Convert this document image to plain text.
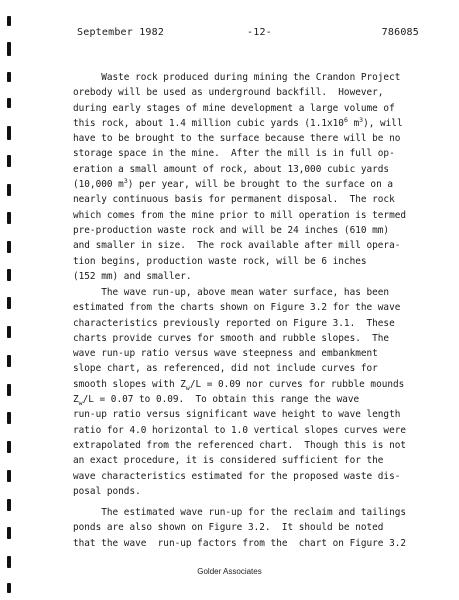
September 1982	-12-	786085
Waste rock produced during mining the Crandon Project
orebody will be used as underground backfill.  However,
during early stages of mine development a large volume of
this rock, about 1.4 million cubic yards ($1.1x10^6$ $m^3$), will
have to be brought to the surface because there will be no
storage space in the mine.  After the mill is in full op-
eration a small amount of rock, about 13,000 cubic yards
(10,000 $m^3$) per year, will be brought to the surface on a
nearly continuous basis for permanent disposal.  The rock
which comes from the mine prior to mill operation is termed
pre-production waste rock and will be 24 inches (610 mm)
and smaller in size.  The rock available after mill opera-
tion begins, production waste rock, will be 6 inches
(152 mm) and smaller.
The wave run-up, above mean water surface, has been
estimated from the charts shown on Figure 3.2 for the wave
characteristics previously reported on Figure 3.1.  These
charts provide curves for smooth and rubble slopes.  The
wave run-up ratio versus wave steepness and embankment
slope chart, as referenced, did not include curves for
smooth slopes with $Z_w/L = 0.09$ nor curves for rubble mounds
$Z_w/L = 0.07$ to 0.09.  To obtain this range the wave
run-up ratio versus significant wave height to wave length
ratio for 4.0 horizontal to 1.0 vertical slopes curves were
extrapolated from the referenced chart.  Though this is not
an exact procedure, it is considered sufficient for the
wave characteristics estimated for the proposed waste dis-
posal ponds.
The estimated wave run-up for the reclaim and tailings
ponds are also shown on Figure 3.2.  It should be noted
that the wave  run-up factors from the  chart on Figure 3.2
Golder Associates
